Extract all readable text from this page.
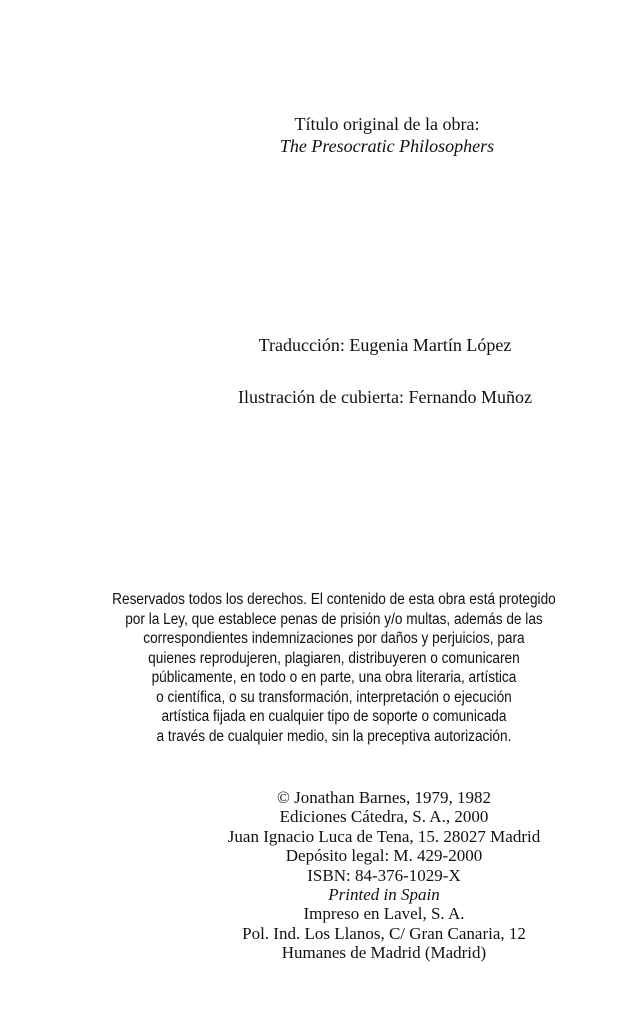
Título original de la obra:
The Presocratic Philosophers
Traducción: Eugenia Martín López
Ilustración de cubierta: Fernando Muñoz
Reservados todos los derechos. El contenido de esta obra está protegido
por la Ley, que establece penas de prisión y/o multas, además de las
correspondientes indemnizaciones por daños y perjuicios, para
quienes reprodujeren, plagiaren, distribuyeren o comunicaren
públicamente, en todo o en parte, una obra literaria, artística
o científica, o su transformación, interpretación o ejecución
artística fijada en cualquier tipo de soporte o comunicada
a través de cualquier medio, sin la preceptiva autorización.
© Jonathan Barnes, 1979, 1982
Ediciones Cátedra, S. A., 2000
Juan Ignacio Luca de Tena, 15. 28027 Madrid
Depósito legal: M. 429-2000
ISBN: 84-376-1029-X
Printed in Spain
Impreso en Lavel, S. A.
Pol. Ind. Los Llanos, C/ Gran Canaria, 12
Humanes de Madrid (Madrid)
